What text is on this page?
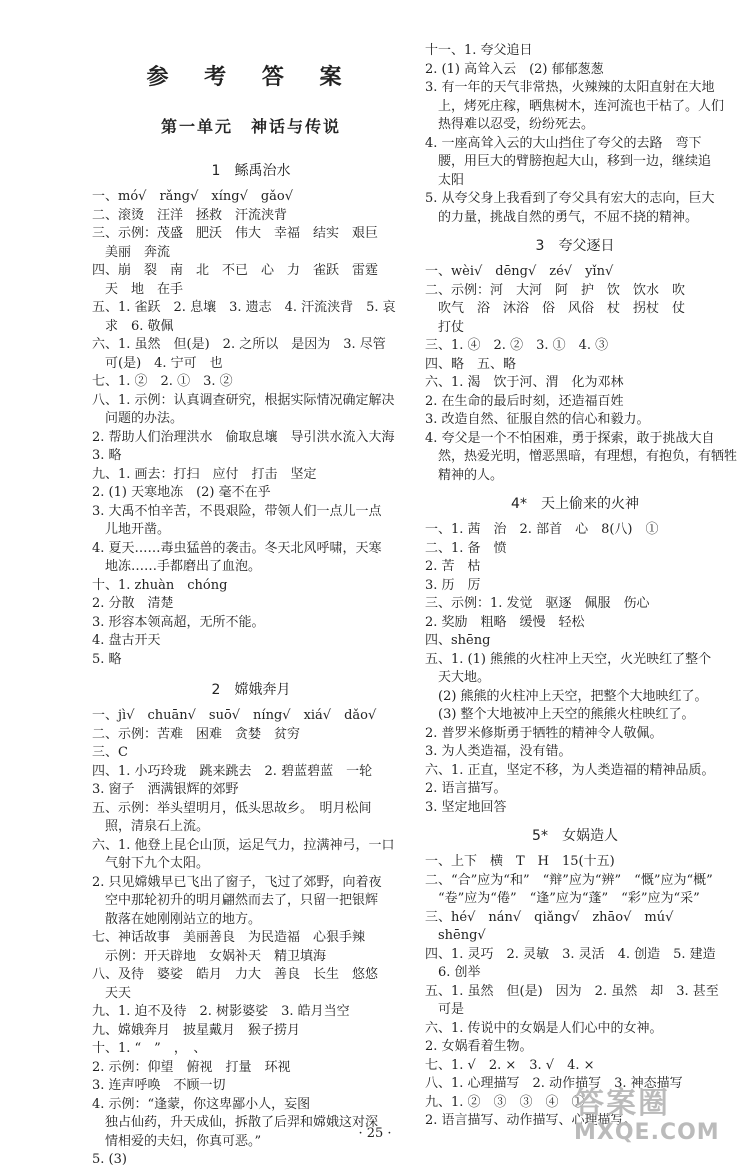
参 考 答 案
第一单元　神话与传说
1　鲧禹治水
一、mó√　rǎng√　xíng√　gǎo√
二、滚烫　汪洋　拯救　汗流浃背
三、示例：茂盛　肥沃　伟大　幸福　结实　艰巨
　美丽　奔流
四、崩　裂　南　北　不已　心　力　雀跃　雷霆
　天　地　在手
五、1. 雀跃　2. 息壤　3. 遗志　4. 汗流浃背　5. 哀
　求　6. 敬佩
六、1. 虽然　但(是)　2. 之所以　是因为　3. 尽管
　可(是)　4. 宁可　也
七、1. ②　2. ①　3. ②
八、1. 示例：认真调查研究，根据实际情况确定解决
　问题的办法。
2. 帮助人们治理洪水　偷取息壤　导引洪水流入大海
3. 略
九、1. 画去：打扫　应付　打击　坚定
2. (1) 天寒地冻　(2) 毫不在乎
3. 大禹不怕辛苦，不畏艰险，带领人们一点儿一点
　儿地开凿。
4. 夏天……毒虫猛兽的袭击。冬天北风呼啸，天寒
　地冻……手都磨出了血泡。
十、1. zhuàn　chóng
2. 分散　清楚
3. 形容本领高超，无所不能。
4. 盘古开天
5. 略
2　嫦娥奔月
一、jì√　chuān√　suō√　níng√　xiá√　dǎo√
二、示例：苦难　困难　贪婪　贫穷
三、C
四、1. 小巧玲珑　跳来跳去　2. 碧蓝碧蓝　一轮
3. 窗子　洒满银辉的郊野
五、示例：举头望明月，低头思故乡。　明月松间
　照，清泉石上流。
六、1. 他登上昆仑山顶，运足气力，拉满神弓，一口
　气射下九个太阳。
2. 只见嫦娥早已飞出了窗子，飞过了郊野，向着夜
　空中那轮初升的明月翩然而去了，只留一把银辉
　散落在她刚刚站立的地方。
七、神话故事　美丽善良　为民造福　心狠手辣
　示例：开天辟地　女娲补天　精卫填海
八、及待　婆娑　皓月　力大　善良　长生　悠悠
　天天
九、1. 迫不及待　2. 树影婆娑　3. 皓月当空
九、嫦娥奔月　披星戴月　猴子捞月
十、1. “　”　，　、
2. 示例：仰望　俯视　打量　环视
3. 连声呼唤　不顾一切
4. 示例：“逢蒙，你这卑鄙小人，妄图
　独占仙药，升天成仙，拆散了后羿和嫦娥这对深
　情相爱的夫妇，你真可恶。”
5. (3)
十一、1. 夸父追日
2. (1) 高耸入云　(2) 郁郁葱葱
3. 有一年的天气非常热，火辣辣的太阳直射在大地
　上，烤死庄稼，晒焦树木，连河流也干枯了。人们
　热得难以忍受，纷纷死去。
4. 一座高耸入云的大山挡住了夸父的去路　弯下
　腰，用巨大的臂膀抱起大山，移到一边，继续追
　太阳
5. 从夸父身上我看到了夸父具有宏大的志向，巨大
　的力量，挑战自然的勇气，不屈不挠的精神。
3　夸父逐日
一、wèi√　dēng√　zé√　yǐn√
二、示例：河　大河　阿　护　饮　饮水　吹
　吹气　浴　沐浴　俗　风俗　杖　拐杖　仗
　打仗
三、1. ④　2. ②　3. ①　4. ③
四、略　五、略
六、1. 渴　饮于河、渭　化为邓林
2. 在生命的最后时刻，还造福百姓
3. 改造自然、征服自然的信心和毅力。
4. 夸父是一个不怕困难，勇于探索，敢于挑战大自
　然，热爱光明，憎恶黑暗，有理想，有抱负，有牺牲
　精神的人。
4*　天上偷来的火神
一、1. 茜　治　2. 部首　心　8(八)　①
二、1. 备　愤
2. 苦　枯
3. 历　厉
三、示例：1. 发觉　驱逐　佩服　伤心
2. 奖励　粗略　缓慢　轻松
四、shēng
五、1. (1) 熊熊的火柱冲上天空，火光映红了整个
　天大地。
　(2) 熊熊的火柱冲上天空，把整个大地映红了。
　(3) 整个大地被冲上天空的熊熊火柱映红了。
2. 普罗米修斯勇于牺牲的精神令人敬佩。
3. 为人类造福，没有错。
六、1. 正直，坚定不移，为人类造福的精神品质。
2. 语言描写。
3. 坚定地回答
5*　女娲造人
一、上下　横　T　H　15(十五)
二、“合”应为“和”　“辩”应为“辨”　“慨”应为“概”
　“卷”应为“倦”　“逢”应为“蓬”　“彩”应为“采”
三、hé√　nán√　qiǎng√　zhāo√　mú√
　shēng√
四、1. 灵巧　2. 灵敏　3. 灵活　4. 创造　5. 建造
　6. 创举
五、1. 虽然　但(是)　因为　2. 虽然　却　3. 甚至
　可是
六、1. 传说中的女娲是人们心中的女神。
2. 女娲看着生物。
七、1. √　2. ×　3. √　4. ×
八、1. 心理描写　2. 动作描写　3. 神态描写
九、1. ②　③　③　④　①
2. 语言描写、动作描写、心理描写。
· 25 ·
答案圈
MXQE.COM
